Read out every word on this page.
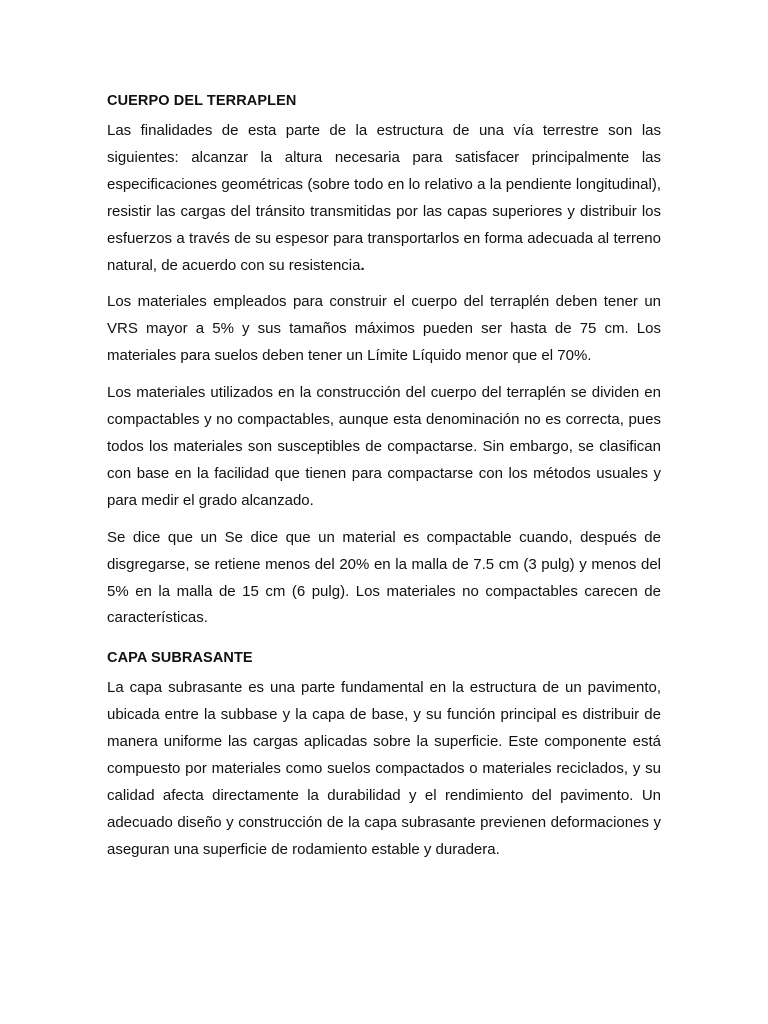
CUERPO DEL TERRAPLEN

Las finalidades de esta parte de la estructura de una vía terrestre son las siguientes: alcanzar la altura necesaria para satisfacer principalmente las especificaciones geométricas (sobre todo en lo relativo a la pendiente longitudinal), resistir las cargas del tránsito transmitidas por las capas superiores y distribuir los esfuerzos a través de su espesor para transportarlos en forma adecuada al terreno natural, de acuerdo con su resistencia.

Los materiales empleados para construir el cuerpo del terraplén deben tener un VRS mayor a 5% y sus tamaños máximos pueden ser hasta de 75 cm. Los materiales para suelos deben tener un Límite Líquido menor que el 70%.

Los materiales utilizados en la construcción del cuerpo del terraplén se dividen en compactables y no compactables, aunque esta denominación no es correcta, pues todos los materiales son susceptibles de compactarse. Sin embargo, se clasifican con base en la facilidad que tienen para compactarse con los métodos usuales y para medir el grado alcanzado.

Se dice que un Se dice que un material es compactable cuando, después de disgregarse, se retiene menos del 20% en la malla de 7.5 cm (3 pulg) y menos del 5% en la malla de 15 cm (6 pulg). Los materiales no compactables carecen de características.

CAPA SUBRASANTE

La capa subrasante es una parte fundamental en la estructura de un pavimento, ubicada entre la subbase y la capa de base, y su función principal es distribuir de manera uniforme las cargas aplicadas sobre la superficie. Este componente está compuesto por materiales como suelos compactados o materiales reciclados, y su calidad afecta directamente la durabilidad y el rendimiento del pavimento. Un adecuado diseño y construcción de la capa subrasante previenen deformaciones y aseguran una superficie de rodamiento estable y duradera.
